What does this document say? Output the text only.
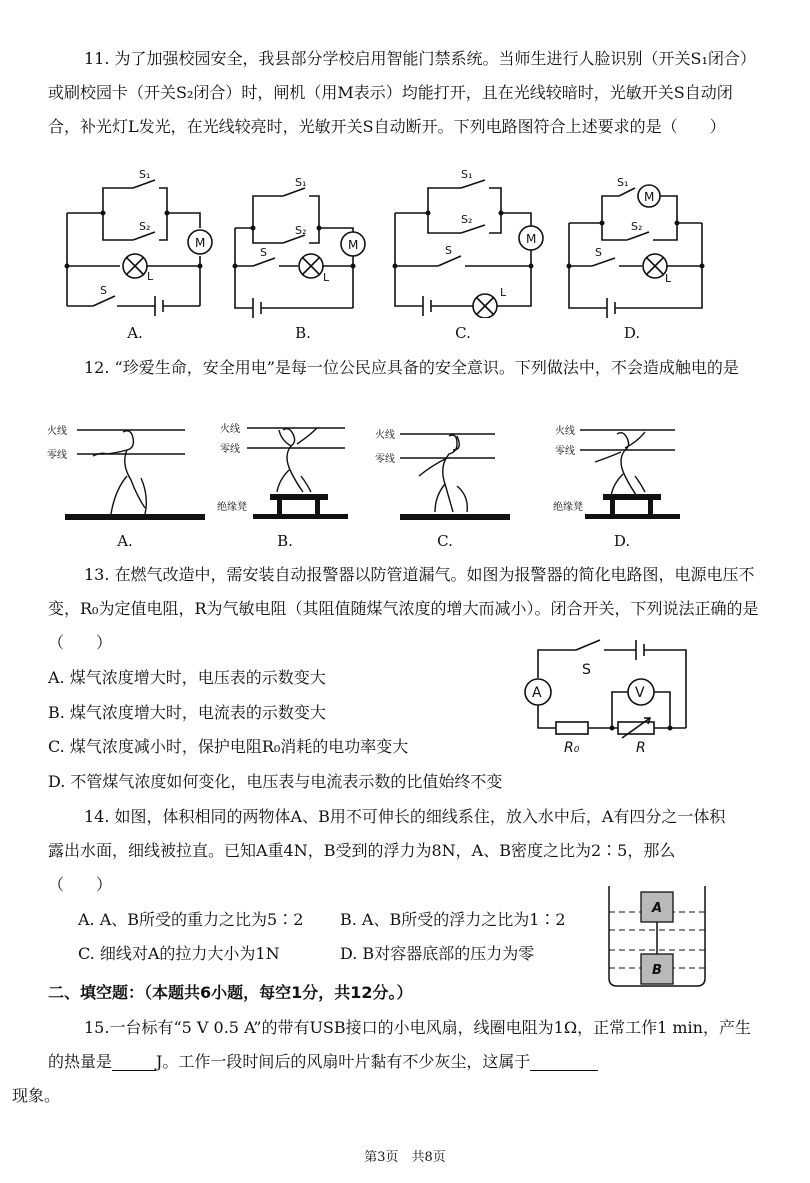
11. 为了加强校园安全，我县部分学校启用智能门禁系统。当师生进行人脸识别（开关S₁闭合）或刷校园卡（开关S₂闭合）时，闸机（用M表示）均能打开，且在光线较暗时，光敏开关S自动闭合，补光灯L发光，在光线较亮时，光敏开关S自动断开。下列电路图符合上述要求的是（　　）

S₁
S₂
S
M
L
S₁
S₂
S
M
L
S₁
S₂
S
M
L
S₁
S₂
S
M
L
A.	B.	C.	D.

12. “珍爱生命，安全用电”是每一位公民应具备的安全意识。下列做法中，不会造成触电的是

火线
零线
火线
零线
绝缘凳
火线
零线
火线
零线
绝缘凳
A.	B.	C.	D.

13. 在燃气改造中，需安装自动报警器以防管道漏气。如图为报警器的简化电路图，电源电压不变，R₀为定值电阻，R为气敏电阻（其阻值随煤气浓度的增大而减小）。闭合开关，下列说法正确的是（　　）

A. 煤气浓度增大时，电压表的示数变大
B. 煤气浓度增大时，电流表的示数变大
C. 煤气浓度减小时，保护电阻R₀消耗的电功率变大
D. 不管煤气浓度如何变化，电压表与电流表示数的比值始终不变
S
A	V
R₀	R

14. 如图，体积相同的两物体A、B用不可伸长的细线系住，放入水中后，A有四分之一体积露出水面，细线被拉直。已知A重4N，B受到的浮力为8N，A、B密度之比为2∶5，那么（　　）

A. A、B所受的重力之比为5∶2 B. A、B所受的浮力之比为1∶2
C. 细线对A的拉力大小为1N	D. B对容器底部的压力为零
A
B
二、填空题：（本题共6小题，每空1分，共12分。）

15.一台标有“5 V 0.5 A”的带有USB接口的小电风扇，线圈电阻为1Ω，正常工作1 min，产生的热量是	J。工作一段时间后的风扇叶片黏有不少灰尘，这属于
现象。

第3页　共8页
